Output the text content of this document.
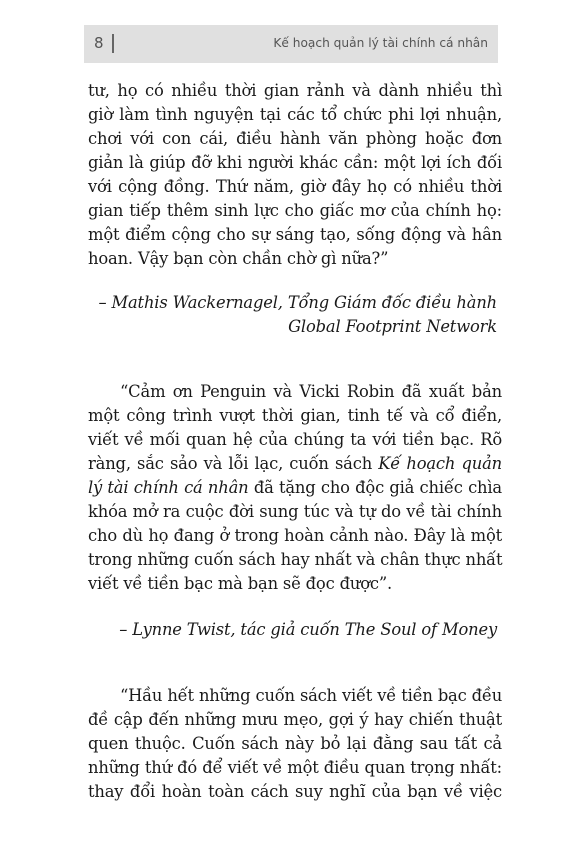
8	Kế hoạch quản lý tài chính cá nhân
tư, họ có nhiều thời gian rảnh và dành nhiều thì
giờ làm tình nguyện tại các tổ chức phi lợi nhuận,
chơi với con cái, điều hành văn phòng hoặc đơn
giản là giúp đỡ khi người khác cần: một lợi ích đối
với cộng đồng. Thứ năm, giờ đây họ có nhiều thời
gian tiếp thêm sinh lực cho giấc mơ của chính họ:
một điểm cộng cho sự sáng tạo, sống động và hân
hoan. Vậy bạn còn chần chờ gì nữa?”
– Mathis Wackernagel, Tổng Giám đốc điều hành
Global Footprint Network
“Cảm ơn Penguin và Vicki Robin đã xuất bản
một công trình vượt thời gian, tinh tế và cổ điển,
viết về mối quan hệ của chúng ta với tiền bạc. Rõ
ràng, sắc sảo và lỗi lạc, cuốn sách Kế hoạch quản
lý tài chính cá nhân đã tặng cho độc giả chiếc chìa
khóa mở ra cuộc đời sung túc và tự do về tài chính
cho dù họ đang ở trong hoàn cảnh nào. Đây là một
trong những cuốn sách hay nhất và chân thực nhất
viết về tiền bạc mà bạn sẽ đọc được”.
– Lynne Twist, tác giả cuốn The Soul of Money
“Hầu hết những cuốn sách viết về tiền bạc đều
đề cập đến những mưu mẹo, gợi ý hay chiến thuật
quen thuộc. Cuốn sách này bỏ lại đằng sau tất cả
những thứ đó để viết về một điều quan trọng nhất:
thay đổi hoàn toàn cách suy nghĩ của bạn về việc
